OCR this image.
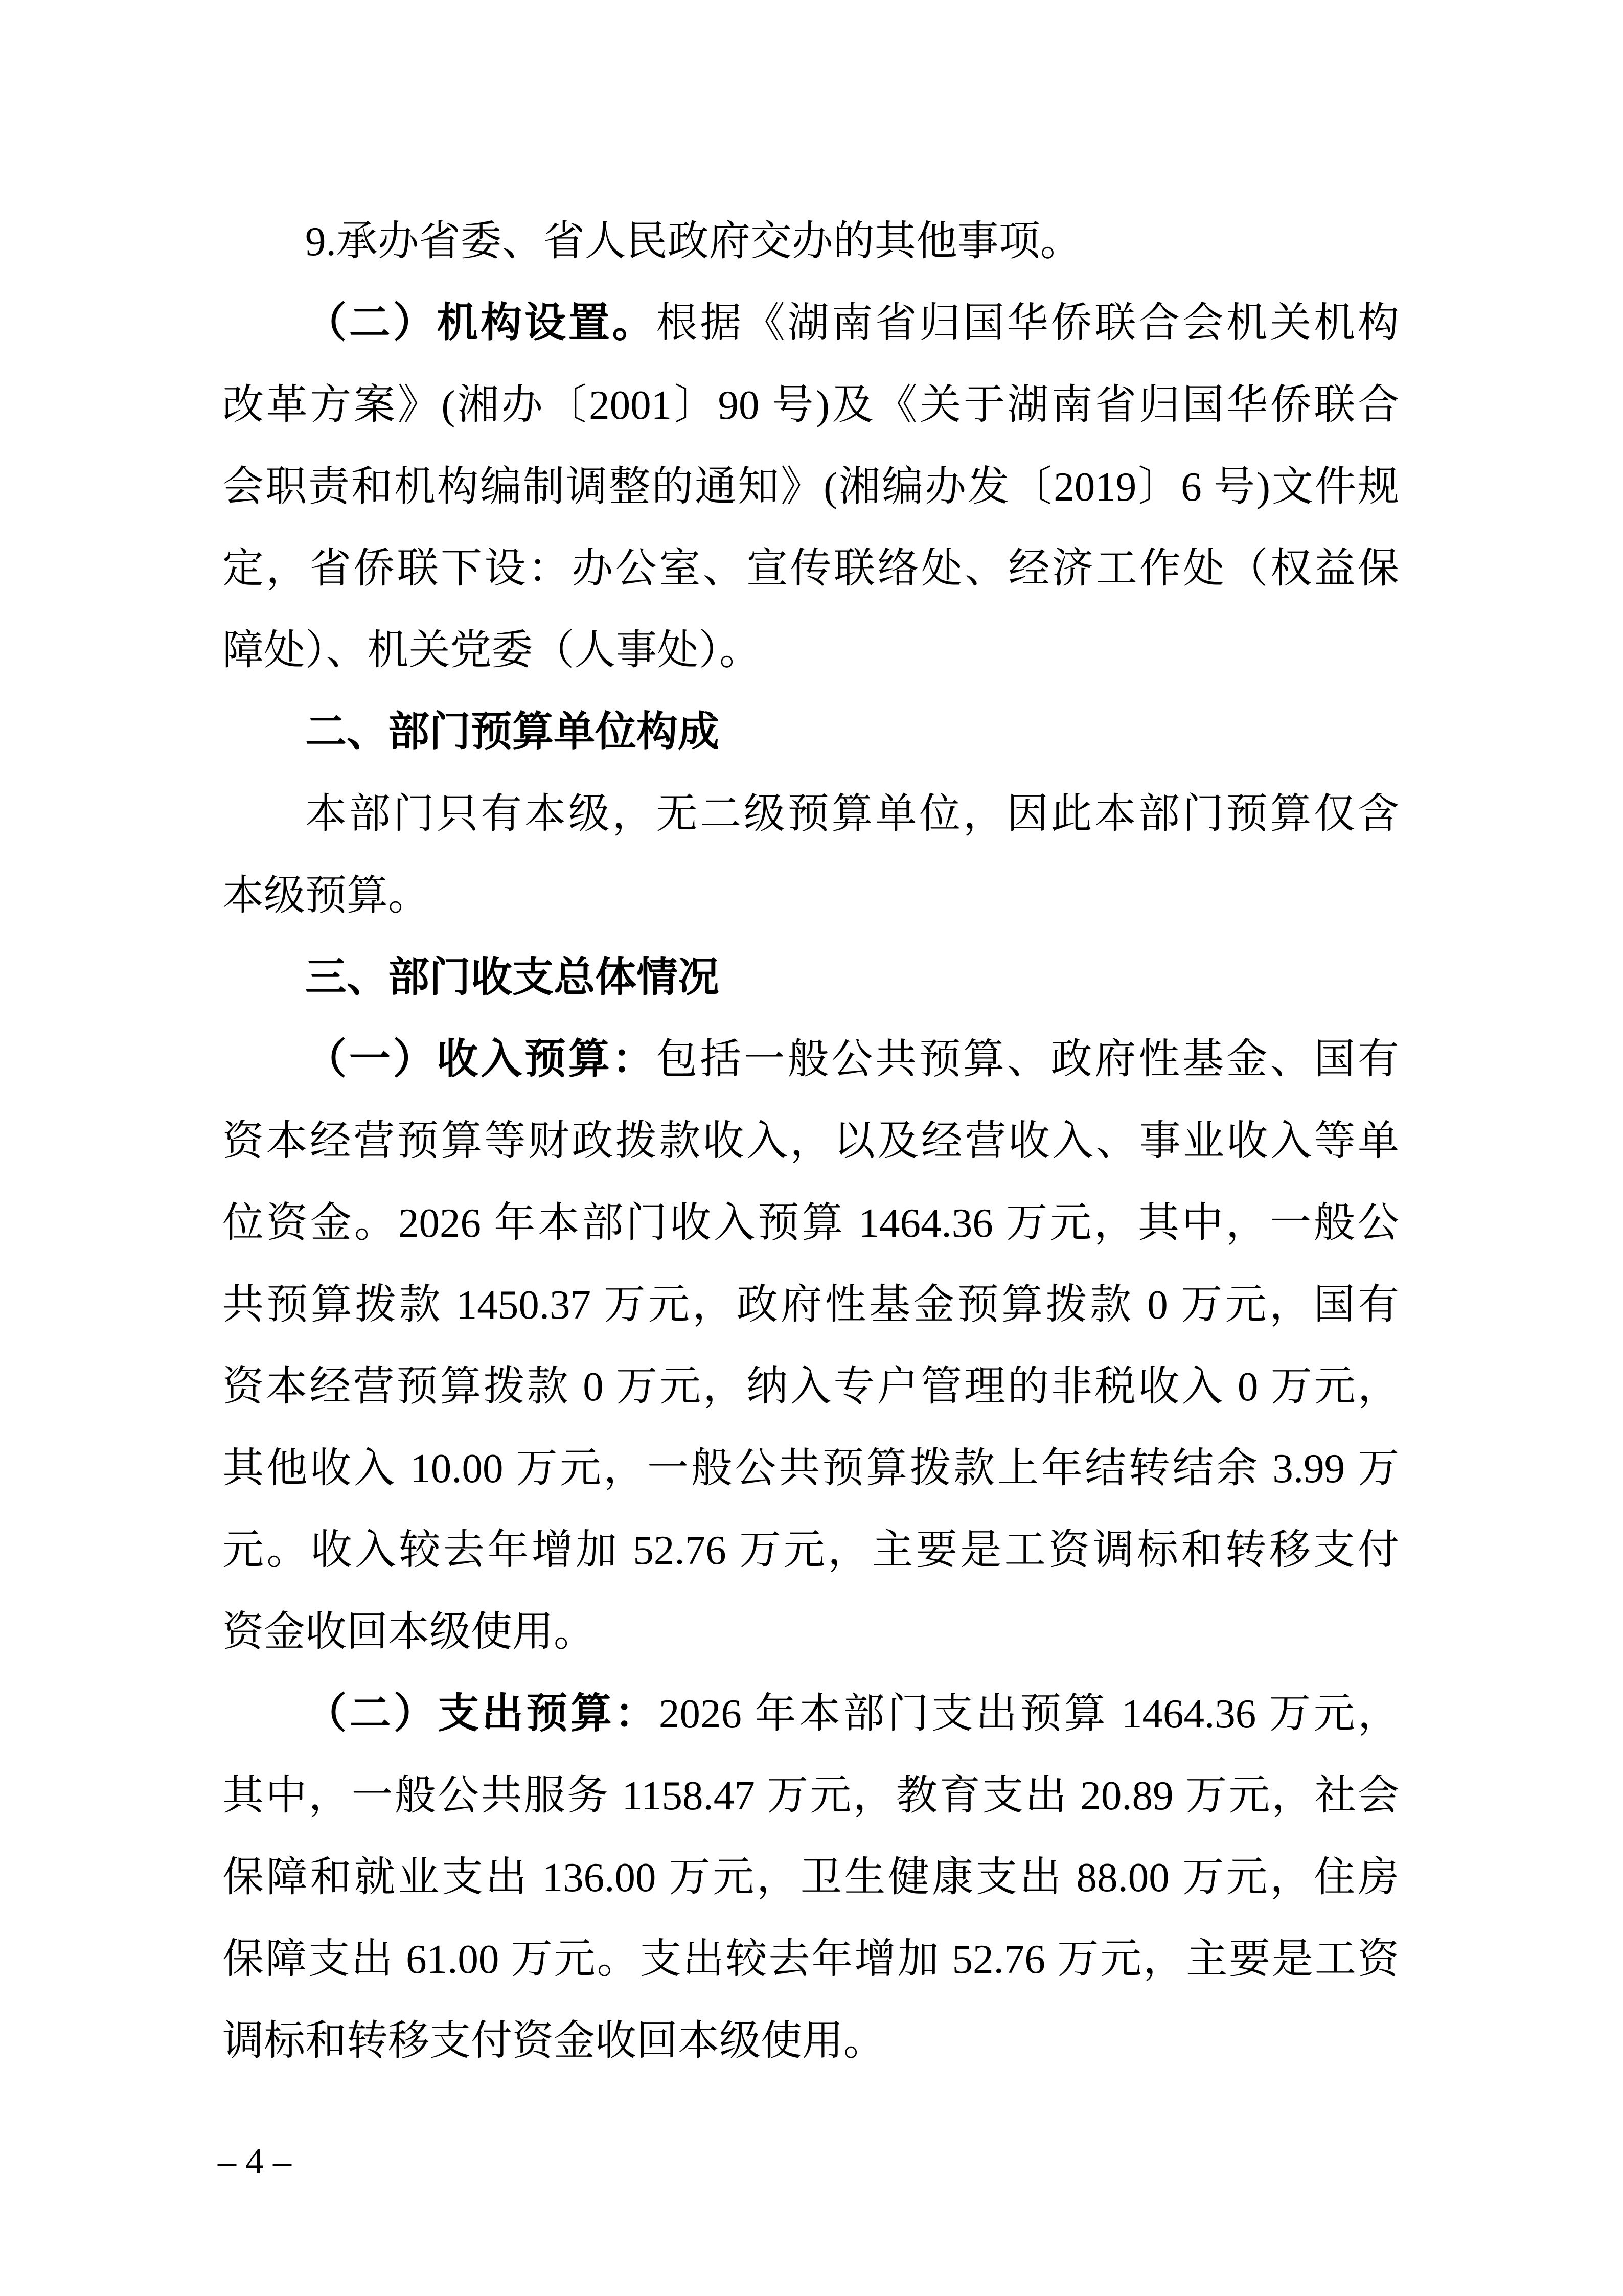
9.承办省委、省人民政府交办的其他事项。
（二）机构设置。根据《湖南省归国华侨联合会机关机构
改革方案》(湘办〔2001〕90 号)及《关于湖南省归国华侨联合
会职责和机构编制调整的通知》(湘编办发〔2019〕6 号)文件规
定，省侨联下设：办公室、宣传联络处、经济工作处（权益保
障处）、机关党委（人事处）。
二、部门预算单位构成
本部门只有本级，无二级预算单位，因此本部门预算仅含
本级预算。
三、部门收支总体情况
（一）收入预算：包括一般公共预算、政府性基金、国有
资本经营预算等财政拨款收入，以及经营收入、事业收入等单
位资金。2026 年本部门收入预算 1464.36 万元，其中，一般公
共预算拨款 1450.37 万元，政府性基金预算拨款 0 万元，国有
资本经营预算拨款 0 万元，纳入专户管理的非税收入 0 万元，
其他收入 10.00 万元，一般公共预算拨款上年结转结余 3.99 万
元。收入较去年增加 52.76 万元，主要是工资调标和转移支付
资金收回本级使用。
（二）支出预算：2026 年本部门支出预算 1464.36 万元，
其中，一般公共服务 1158.47 万元，教育支出 20.89 万元，社会
保障和就业支出 136.00 万元，卫生健康支出 88.00 万元，住房
保障支出 61.00 万元。支出较去年增加 52.76 万元，主要是工资
调标和转移支付资金收回本级使用。
– 4 –
